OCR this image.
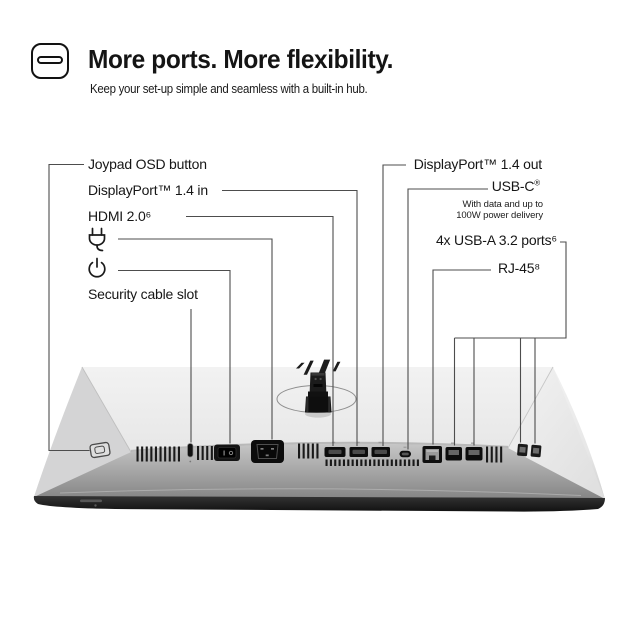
More ports. More flexibility.
Keep your set-up simple and seamless with a built-in hub.
Joypad OSD button
DisplayPort™ 1.4 in
HDMI 2.0⁶
Security cable slot
DisplayPort™ 1.4 out
USB-C®
With data and up to
100W power delivery
4x USB-A 3.2 ports⁶
RJ-45⁸
